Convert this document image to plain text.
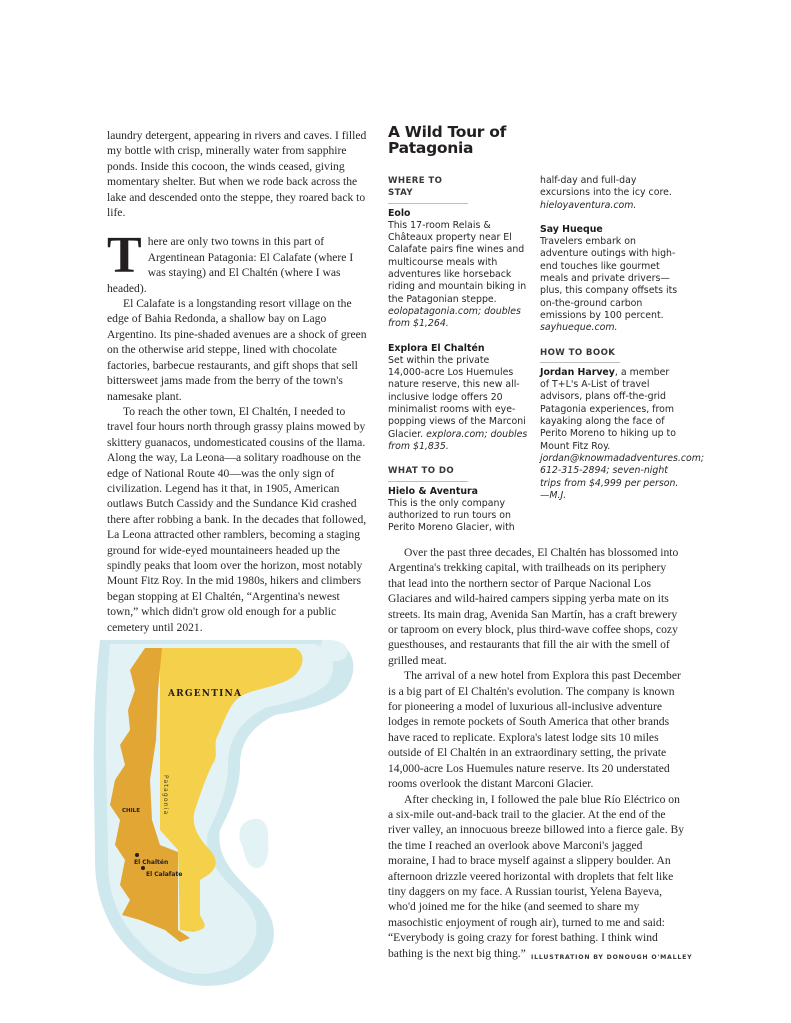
laundry detergent, appearing in rivers and caves. I filled my bottle with crisp, minerally water from sapphire ponds. Inside this cocoon, the winds ceased, giving momentary shelter. But when we rode back across the lake and descended onto the steppe, they roared back to life.

There are only two towns in this part of Argentinean Patagonia: El Calafate (where I was staying) and El Chaltén (where I was headed).

El Calafate is a longstanding resort village on the edge of Bahia Redonda, a shallow bay on Lago Argentino. Its pine-shaded avenues are a shock of green on the otherwise arid steppe, lined with chocolate factories, barbecue restaurants, and gift shops that sell bittersweet jams made from the berry of the town's namesake plant.

To reach the other town, El Chaltén, I needed to travel four hours north through grassy plains mowed by skittery guanacos, undomesticated cousins of the llama. Along the way, La Leona—a solitary roadhouse on the edge of National Route 40—was the only sign of civilization. Legend has it that, in 1905, American outlaws Butch Cassidy and the Sundance Kid crashed there after robbing a bank. In the decades that followed, La Leona attracted other ramblers, becoming a staging ground for wide-eyed mountaineers headed up the spindly peaks that loom over the horizon, most notably Mount Fitz Roy. In the mid 1980s, hikers and climbers began stopping at El Chaltén, “Argentina's newest town,” which didn't grow old enough for a public cemetery until 2021.

A Wild Tour of Patagonia
WHERE TO STAY
Eolo
This 17-room Relais & Châteaux property near El Calafate pairs fine wines and multicourse meals with adventures like horseback riding and mountain biking in the Patagonian steppe. eolopatagonia.com; doubles from $1,264.
Explora El Chaltén
Set within the private 14,000-acre Los Huemules nature reserve, this new all-inclusive lodge offers 20 minimalist rooms with eye-popping views of the Marconi Glacier. explora.com; doubles from $1,835.
WHAT TO DO
Hielo & Aventura
This is the only company authorized to run tours on Perito Moreno Glacier, with
half-day and full-day excursions into the icy core. hieloyaventura.com.
Say Hueque
Travelers embark on adventure outings with high-end touches like gourmet meals and private drivers—plus, this company offsets its on-the-ground carbon emissions by 100 percent. sayhueque.com.
HOW TO BOOK
Jordan Harvey, a member of T+L's A-List of travel advisors, plans off-the-grid Patagonia experiences, from kayaking along the face of Perito Moreno to hiking up to Mount Fitz Roy. jordan@knowmadadventures.com; 612-315-2894; seven-night trips from $4,999 per person. —M.J.

Over the past three decades, El Chaltén has blossomed into Argentina's trekking capital, with trailheads on its periphery that lead into the northern sector of Parque Nacional Los Glaciares and wild-haired campers sipping yerba mate on its streets. Its main drag, Avenida San Martín, has a craft brewery or taproom on every block, plus third-wave coffee shops, cozy guesthouses, and restaurants that fill the air with the smell of grilled meat.

The arrival of a new hotel from Explora this past December is a big part of El Chaltén's evolution. The company is known for pioneering a model of luxurious all-inclusive adventure lodges in remote pockets of South America that other brands have raced to replicate. Explora's latest lodge sits 10 miles outside of El Chaltén in an extraordinary setting, the private 14,000-acre Los Huemules nature reserve. Its 20 understated rooms overlook the distant Marconi Glacier.

After checking in, I followed the pale blue Río Eléctrico on a six-mile out-and-back trail to the glacier. At the end of the river valley, an innocuous breeze billowed into a fierce gale. By the time I reached an overlook above Marconi's jagged moraine, I had to brace myself against a slippery boulder. An afternoon drizzle veered horizontal with droplets that felt like tiny daggers on my face. A Russian tourist, Yelena Bayeva, who'd joined me for the hike (and seemed to share my masochistic enjoyment of rough air), turned to me and said: “Everybody is going crazy for forest bathing. I think wind bathing is the next big thing.”

ARGENTINA
CHILE	Patagonia
El Chaltén
El Calafate
ILLUSTRATION BY DONOUGH O'MALLEY
